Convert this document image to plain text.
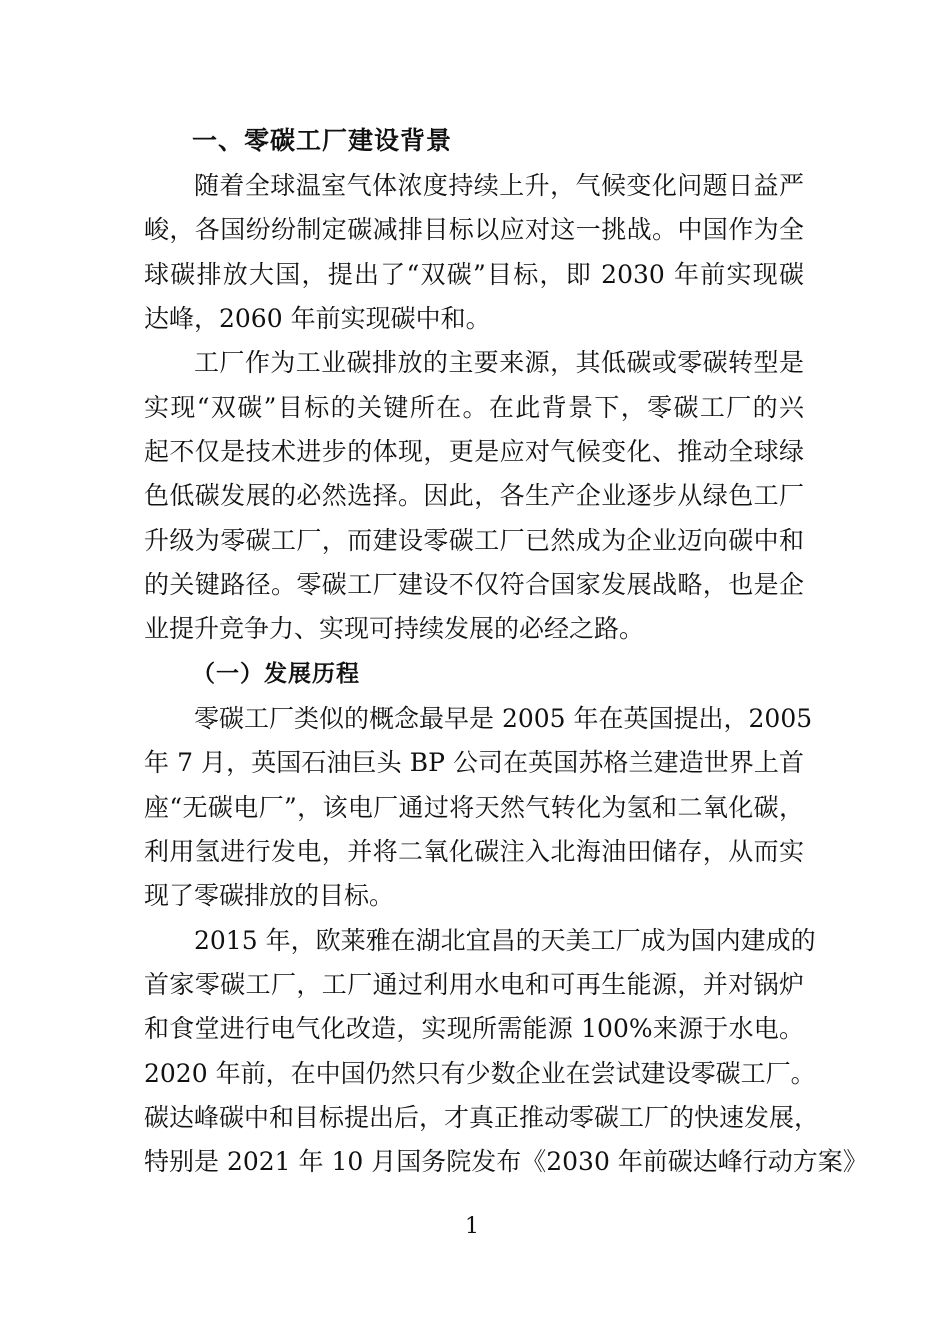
一、零碳工厂建设背景
随着全球温室气体浓度持续上升，气候变化问题日益严
峻，各国纷纷制定碳减排目标以应对这一挑战。中国作为全
球碳排放大国，提出了“双碳”目标，即 2030 年前实现碳
达峰，2060 年前实现碳中和。
工厂作为工业碳排放的主要来源，其低碳或零碳转型是
实现“双碳”目标的关键所在。在此背景下，零碳工厂的兴
起不仅是技术进步的体现，更是应对气候变化、推动全球绿
色低碳发展的必然选择。因此，各生产企业逐步从绿色工厂
升级为零碳工厂，而建设零碳工厂已然成为企业迈向碳中和
的关键路径。零碳工厂建设不仅符合国家发展战略，也是企
业提升竞争力、实现可持续发展的必经之路。
（一）发展历程
零碳工厂类似的概念最早是 2005 年在英国提出，2005
年 7 月，英国石油巨头 BP 公司在英国苏格兰建造世界上首
座“无碳电厂”，该电厂通过将天然气转化为氢和二氧化碳，
利用氢进行发电，并将二氧化碳注入北海油田储存，从而实
现了零碳排放的目标。
2015 年，欧莱雅在湖北宜昌的天美工厂成为国内建成的
首家零碳工厂，工厂通过利用水电和可再生能源，并对锅炉
和食堂进行电气化改造，实现所需能源 100%来源于水电。
2020 年前，在中国仍然只有少数企业在尝试建设零碳工厂。
碳达峰碳中和目标提出后，才真正推动零碳工厂的快速发展，
特别是 2021 年 10 月国务院发布《2030 年前碳达峰行动方案》
1
